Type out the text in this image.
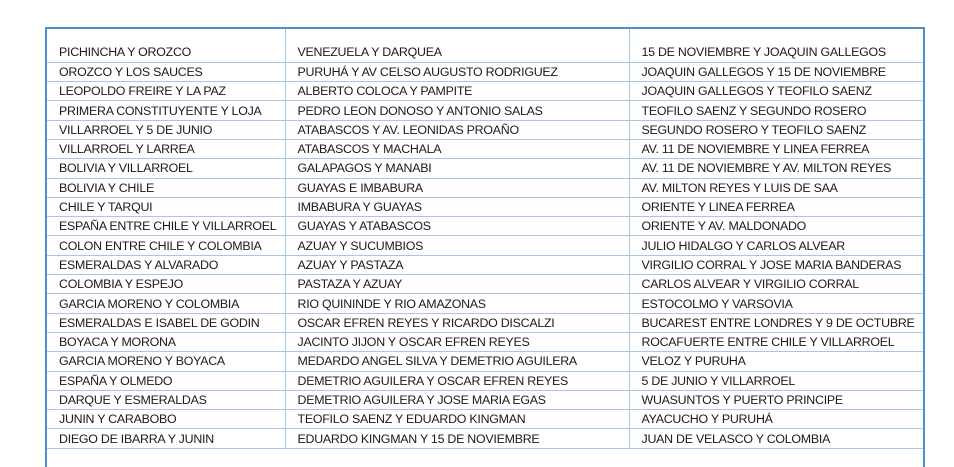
PICHINCHA Y OROZCO	VENEZUELA Y DARQUEA	15 DE NOVIEMBRE Y JOAQUIN GALLEGOS
OROZCO Y LOS SAUCES	PURUHÁ Y AV CELSO AUGUSTO RODRIGUEZ	JOAQUIN GALLEGOS Y 15 DE NOVIEMBRE
LEOPOLDO FREIRE Y LA PAZ	ALBERTO COLOCA Y PAMPITE	JOAQUIN GALLEGOS Y TEOFILO SAENZ
PRIMERA CONSTITUYENTE Y LOJA	PEDRO LEON DONOSO Y ANTONIO SALAS	TEOFILO SAENZ Y SEGUNDO ROSERO
VILLARROEL Y 5 DE JUNIO	ATABASCOS Y AV. LEONIDAS PROAÑO	SEGUNDO ROSERO Y TEOFILO SAENZ
VILLARROEL Y LARREA	ATABASCOS Y MACHALA	AV. 11 DE NOVIEMBRE Y LINEA FERREA
BOLIVIA Y VILLARROEL	GALAPAGOS Y MANABI	AV. 11 DE NOVIEMBRE Y AV. MILTON REYES
BOLIVIA Y CHILE	GUAYAS E IMBABURA	AV. MILTON REYES Y LUIS DE SAA
CHILE Y TARQUI	IMBABURA Y GUAYAS	ORIENTE Y LINEA FERREA
ESPAÑA ENTRE CHILE Y VILLARROEL	GUAYAS Y ATABASCOS	ORIENTE Y AV. MALDONADO
COLON ENTRE CHILE Y COLOMBIA	AZUAY Y SUCUMBIOS	JULIO HIDALGO Y CARLOS ALVEAR
ESMERALDAS Y ALVARADO	AZUAY Y PASTAZA	VIRGILIO CORRAL Y JOSE MARIA BANDERAS
COLOMBIA Y ESPEJO	PASTAZA Y AZUAY	CARLOS ALVEAR Y VIRGILIO CORRAL
GARCIA MORENO Y COLOMBIA	RIO QUININDE Y RIO AMAZONAS	ESTOCOLMO Y VARSOVIA
ESMERALDAS E ISABEL DE GODIN	OSCAR EFREN REYES Y RICARDO DISCALZI	BUCAREST ENTRE LONDRES Y 9 DE OCTUBRE
BOYACA Y MORONA	JACINTO JIJON Y OSCAR EFREN REYES	ROCAFUERTE ENTRE CHILE Y VILLARROEL
GARCIA MORENO Y BOYACA	MEDARDO ANGEL SILVA Y DEMETRIO AGUILERA	VELOZ Y PURUHA
ESPAÑA Y OLMEDO	DEMETRIO AGUILERA Y OSCAR EFREN REYES	5 DE JUNIO Y VILLARROEL
DARQUE Y ESMERALDAS	DEMETRIO AGUILERA Y JOSE MARIA EGAS	WUASUNTOS Y PUERTO PRINCIPE
JUNIN Y CARABOBO	TEOFILO SAENZ Y EDUARDO KINGMAN	AYACUCHO Y PURUHÁ
DIEGO DE IBARRA Y JUNIN	EDUARDO KINGMAN Y 15 DE NOVIEMBRE	JUAN DE VELASCO Y COLOMBIA
